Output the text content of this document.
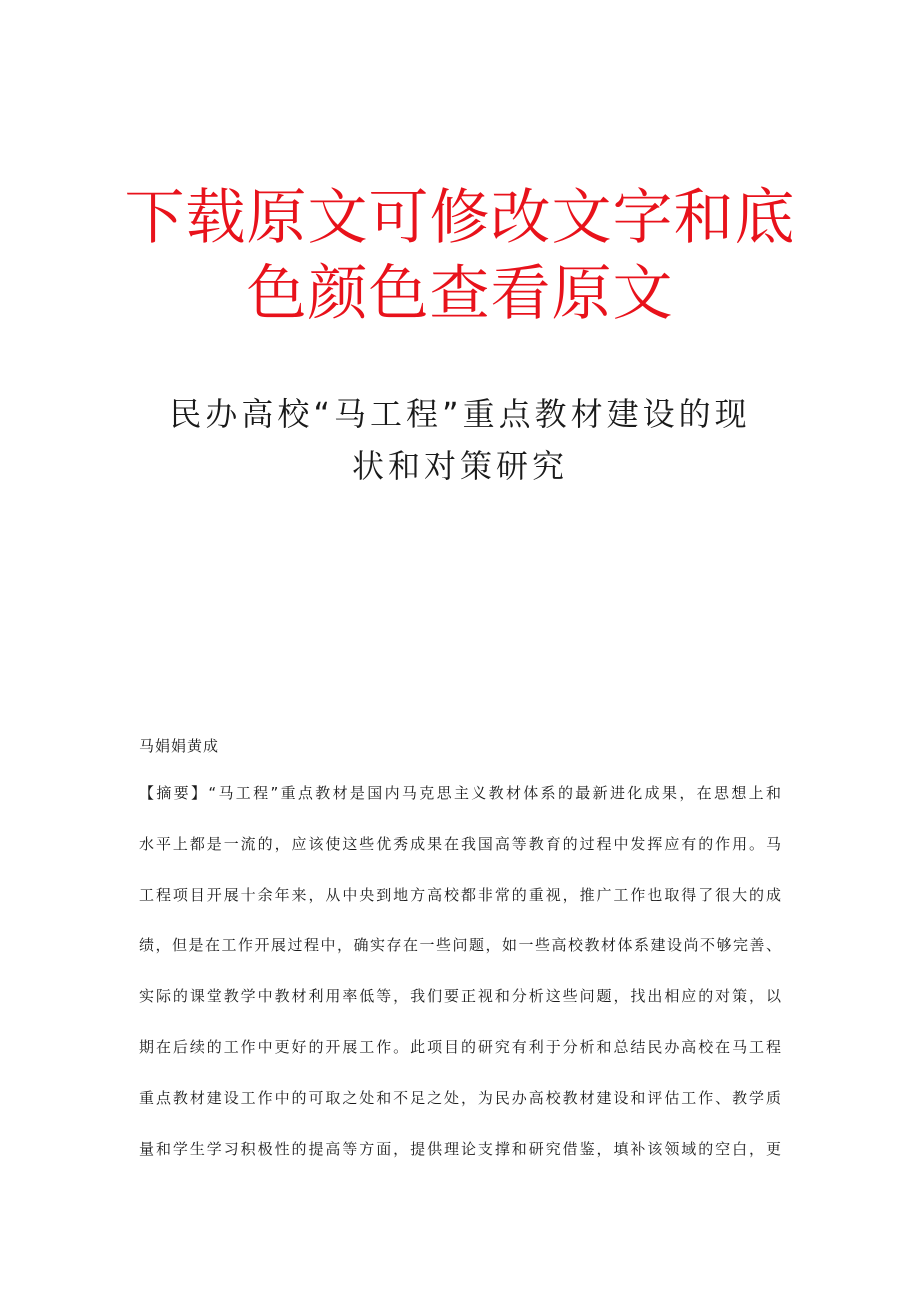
下载原文可修改文字和底
色颜色查看原文
民办高校“马工程”重点教材建设的现
状和对策研究
马娟娟黄成
【摘要】“马工程”重点教材是国内马克思主义教材体系的最新进化成果，在思想上和
水平上都是一流的，应该使这些优秀成果在我国高等教育的过程中发挥应有的作用。马
工程项目开展十余年来，从中央到地方高校都非常的重视，推广工作也取得了很大的成
绩，但是在工作开展过程中，确实存在一些问题，如一些高校教材体系建设尚不够完善、
实际的课堂教学中教材利用率低等，我们要正视和分析这些问题，找出相应的对策，以
期在后续的工作中更好的开展工作。此项目的研究有利于分析和总结民办高校在马工程
重点教材建设工作中的可取之处和不足之处，为民办高校教材建设和评估工作、教学质
量和学生学习积极性的提高等方面，提供理论支撑和研究借鉴，填补该领域的空白，更
